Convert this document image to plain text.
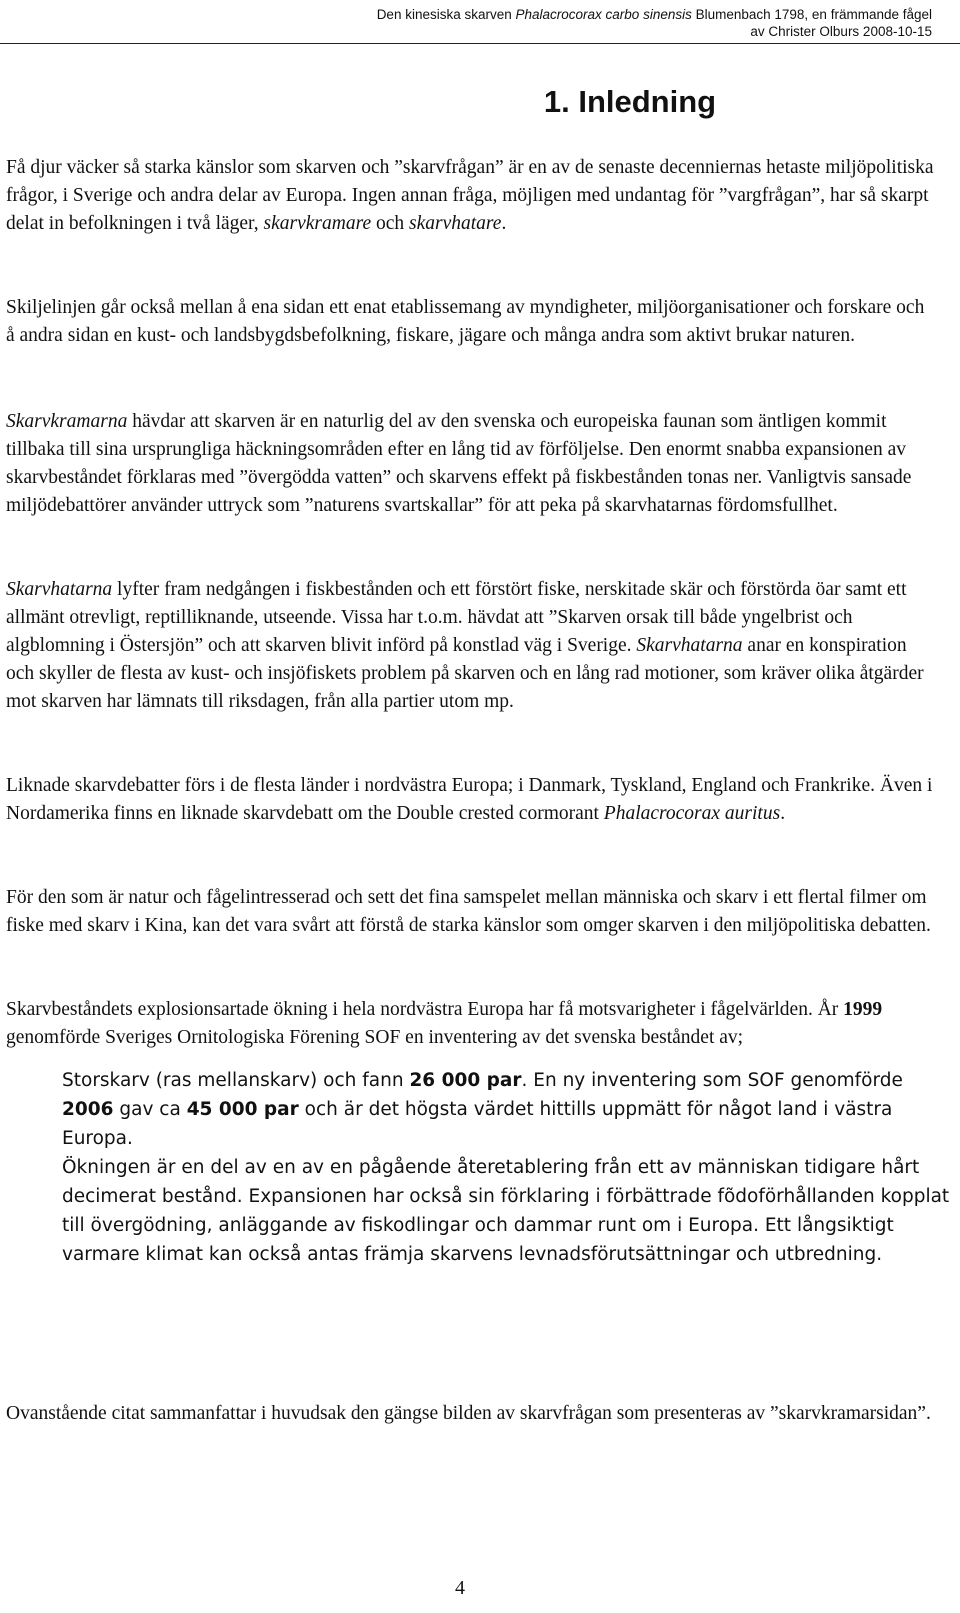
Den kinesiska skarven Phalacrocorax carbo sinensis Blumenbach 1798, en främmande fågel
av Christer Olburs 2008-10-15
1. Inledning

Få djur väcker så starka känslor som skarven och ”skarvfrågan” är en av de senaste decenniernas hetaste miljöpolitiska frågor, i Sverige och andra delar av Europa. Ingen annan fråga, möjligen med undantag för ”vargfrågan”, har så skarpt delat in befolkningen i två läger, skarvkramare och skarvhatare.

Skiljelinjen går också mellan å ena sidan ett enat etablissemang av myndigheter, miljöorganisationer och forskare och å andra sidan en kust- och landsbygdsbefolkning, fiskare, jägare och många andra som aktivt brukar naturen.

Skarvkramarna hävdar att skarven är en naturlig del av den svenska och europeiska faunan som äntligen kommit tillbaka till sina ursprungliga häckningsområden efter en lång tid av förföljelse. Den enormt snabba expansionen av skarvbeståndet förklaras med ”övergödda vatten” och skarvens effekt på fiskbestånden tonas ner. Vanligtvis sansade miljödebattörer använder uttryck som ”naturens svartskallar” för att peka på skarvhatarnas fördomsfullhet.

Skarvhatarna lyfter fram nedgången i fiskbestånden och ett förstört fiske, nerskitade skär och förstörda öar samt ett allmänt otrevligt, reptilliknande, utseende. Vissa har t.o.m. hävdat att ”Skarven orsak till både yngelbrist och algblomning i Östersjön” och att skarven blivit införd på konstlad väg i Sverige. Skarvhatarna anar en konspiration och skyller de flesta av kust- och insjöfiskets problem på skarven och en lång rad motioner, som kräver olika åtgärder mot skarven har lämnats till riksdagen, från alla partier utom mp.

Liknade skarvdebatter förs i de flesta länder i nordvästra Europa; i Danmark, Tyskland, England och Frankrike. Även i Nordamerika finns en liknade skarvdebatt om the Double crested cormorant Phalacrocorax auritus.

För den som är natur och fågelintresserad och sett det fina samspelet mellan människa och skarv i ett flertal filmer om fiske med skarv i Kina, kan det vara svårt att förstå de starka känslor som omger skarven i den miljöpolitiska debatten.

Skarvbeståndets explosionsartade ökning i hela nordvästra Europa har få motsvarigheter i fågelvärlden. År 1999 genomförde Sveriges Ornitologiska Förening SOF en inventering av det svenska beståndet av;

Storskarv (ras mellanskarv) och fann 26 000 par. En ny inventering som SOF genomförde 2006 gav ca 45 000 par och är det högsta värdet hittills uppmätt för något land i västra Europa.

Ökningen är en del av en av en pågående återetablering från ett av människan tidigare hårt decimerat bestånd. Expansionen har också sin förklaring i förbättrade fõdoförhållanden kopplat till övergödning, anläggande av fiskodlingar och dammar runt om i Europa. Ett långsiktigt varmare klimat kan också antas främja skarvens levnadsförutsättningar och utbredning.

Ovanstående citat sammanfattar i huvudsak den gängse bilden av skarvfrågan som presenteras av ”skarvkramarsidan”.

4
